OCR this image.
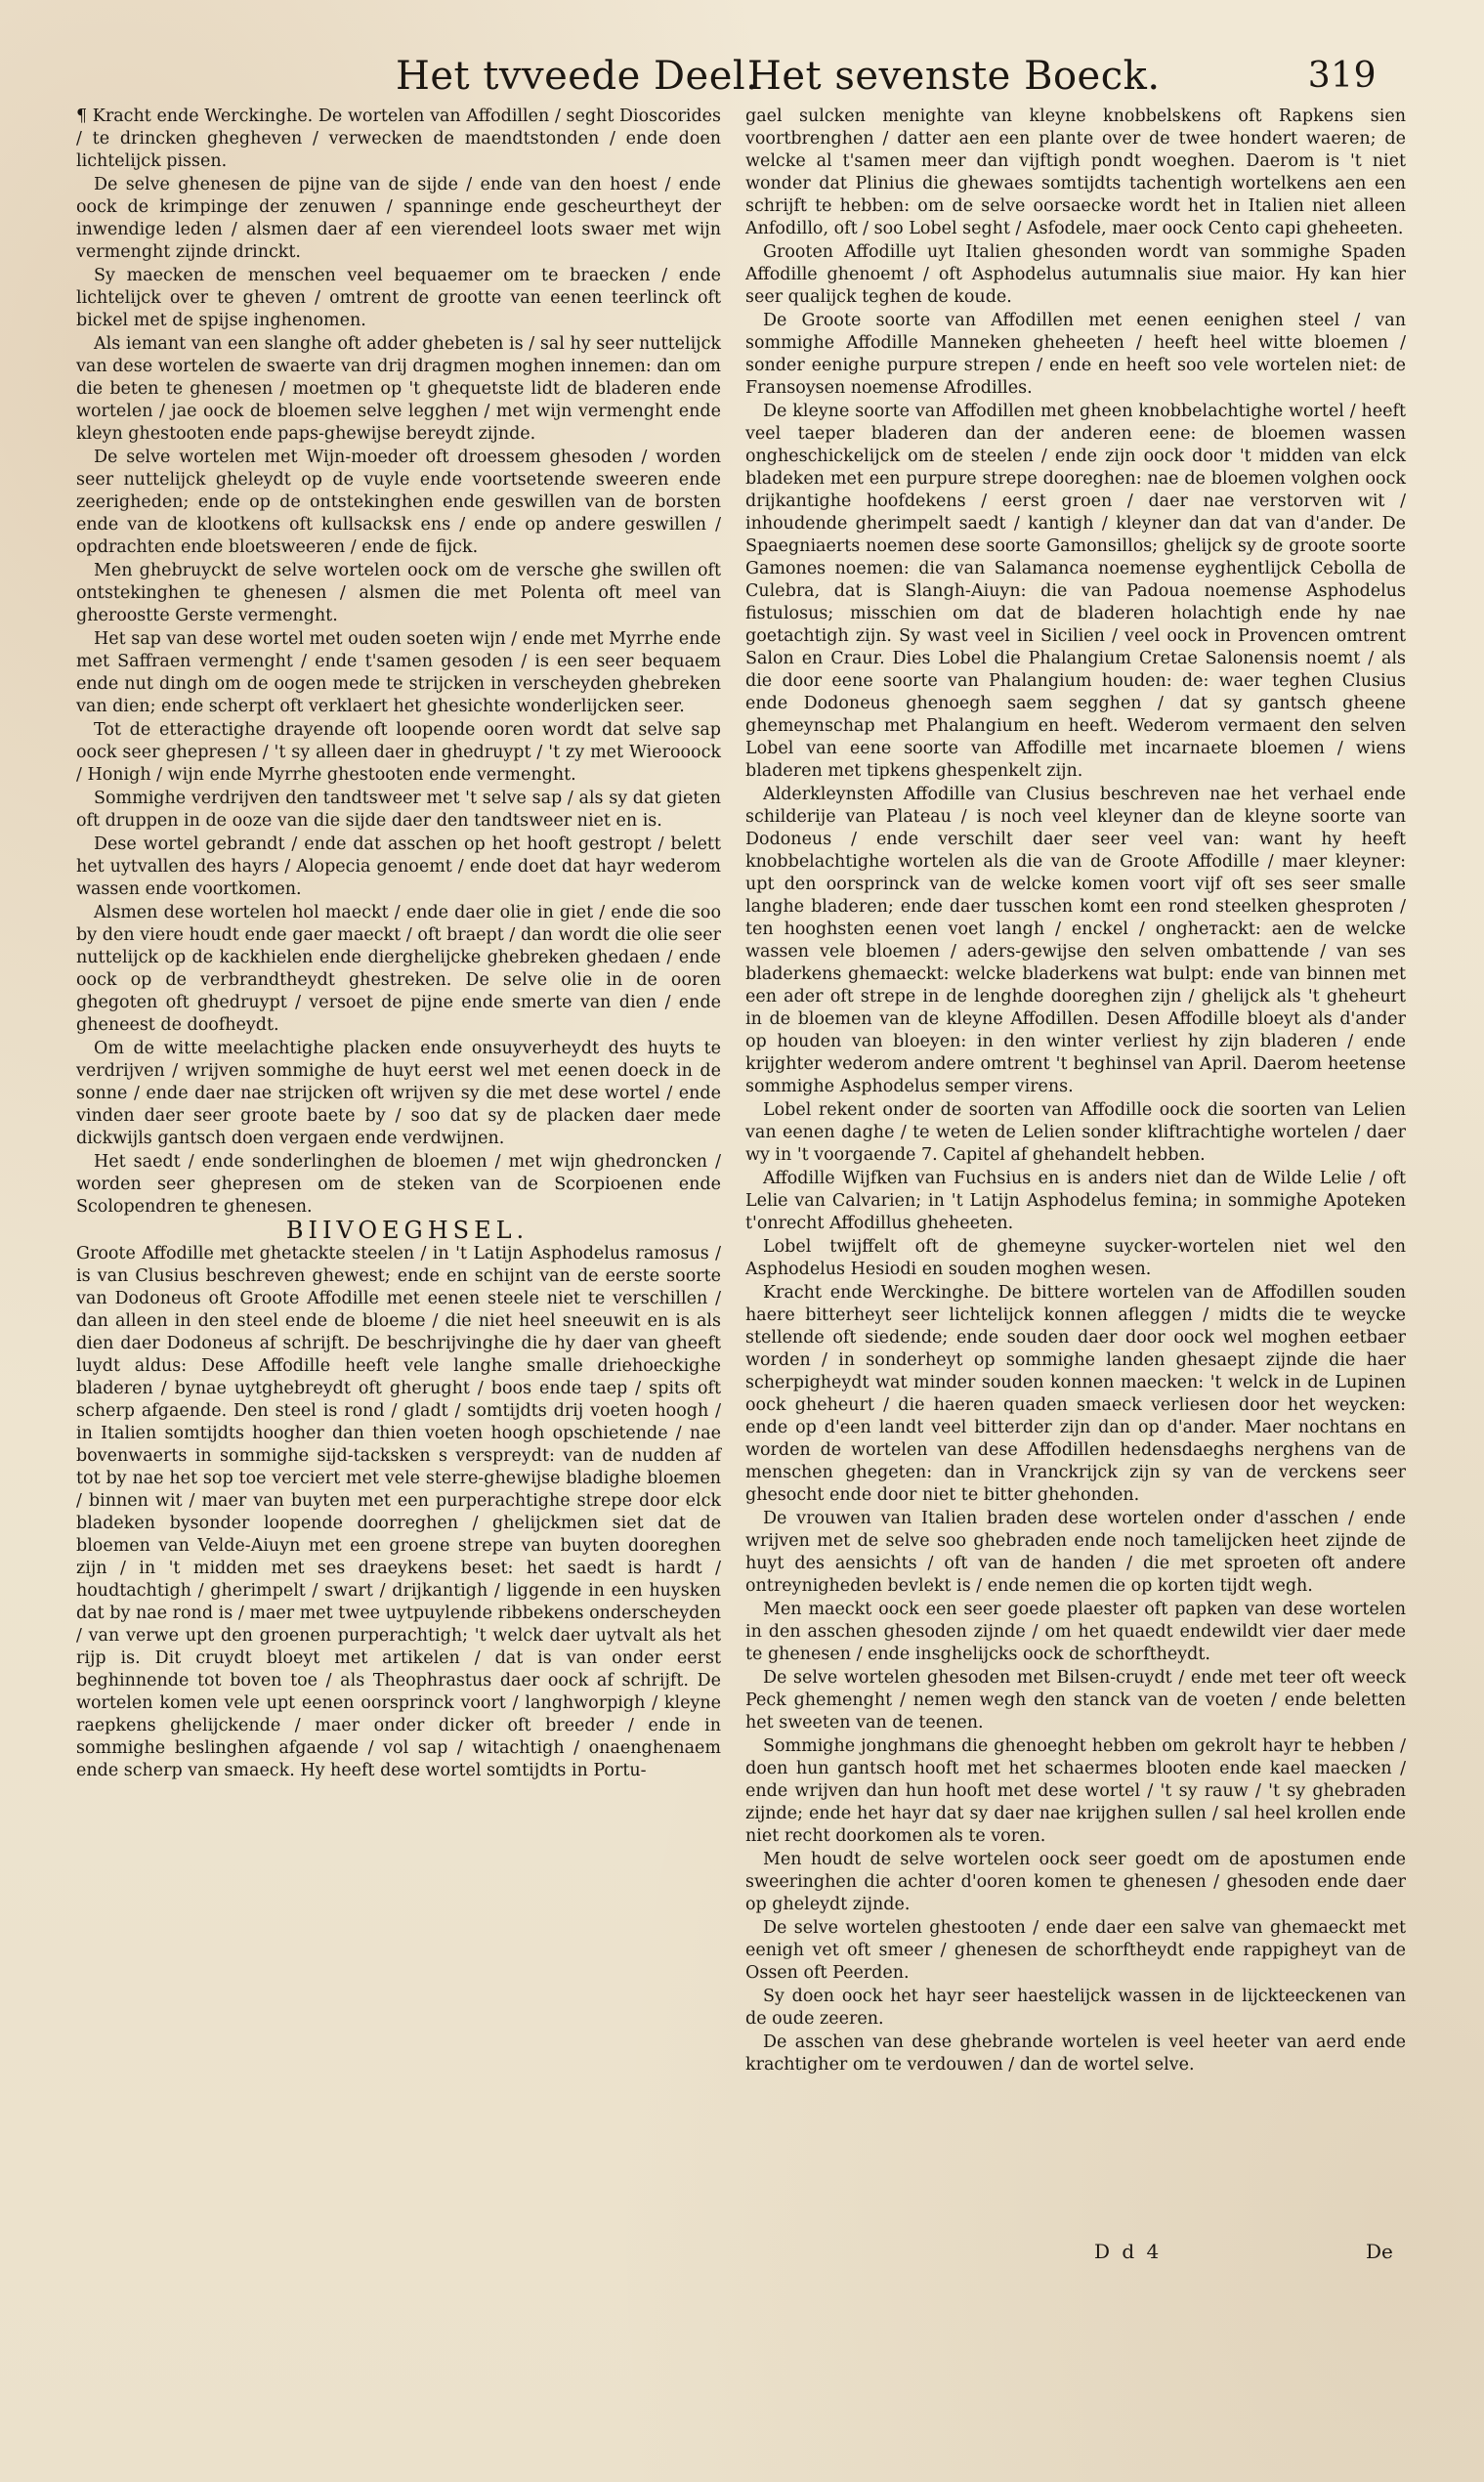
Het tvveede Deel.
Het sevenste Boeck.	319

¶ Kracht ende Werckinghe. De wortelen van Affodillen / seght Dioscorides / te drincken ghegheven / verwecken de maendtstonden / ende doen lichtelijck pissen.

De selve ghenesen de pijne van de sijde / ende van den hoest / ende oock de krimpinge der zenuwen / spanninge ende gescheurtheyt der inwendige leden / alsmen daer af een vierendeel loots swaer met wijn vermenght zijnde drinckt.

Sy maecken de menschen veel bequaemer om te braecken / ende lichtelijck over te gheven / omtrent de grootte van eenen teerlinck oft bickel met de spijse inghenomen.

Als iemant van een slanghe oft adder ghebeten is / sal hy seer nuttelijck van dese wortelen de swaerte van drij dragmen moghen innemen: dan om die beten te ghenesen / moetmen op 't ghequetste lidt de bladeren ende wortelen / jae oock de bloemen selve legghen / met wijn vermenght ende kleyn ghestooten ende paps-ghewijse bereydt zijnde.

De selve wortelen met Wijn-moeder oft droessem ghesoden / worden seer nuttelijck gheleydt op de vuyle ende voortsetende sweeren ende zeerigheden; ende op de ontstekinghen ende geswillen van de borsten ende van de klootkens oft kullsacksk ens / ende op andere geswillen / opdrachten ende bloetsweeren / ende de fijck.

Men ghebruyckt de selve wortelen oock om de versche ghe swillen oft ontstekinghen te ghenesen / alsmen die met Polenta oft meel van gheroostte Gerste vermenght.

Het sap van dese wortel met ouden soeten wijn / ende met Myrrhe ende met Saffraen vermenght / ende t'samen gesoden / is een seer bequaem ende nut dingh om de oogen mede te strijcken in verscheyden ghebreken van dien; ende scherpt oft verklaert het ghesichte wonderlijcken seer.

Tot de etteractighe drayende oft loopende ooren wordt dat selve sap oock seer ghepresen / 't sy alleen daer in ghedruypt / 't zy met Wierooock / Honigh / wijn ende Myrrhe ghestooten ende vermenght.

Sommighe verdrijven den tandtsweer met 't selve sap / als sy dat gieten oft druppen in de ooze van die sijde daer den tandtsweer niet en is.

Dese wortel gebrandt / ende dat asschen op het hooft gestropt / belett het uytvallen des hayrs / Alopecia genoemt / ende doet dat hayr wederom wassen ende voortkomen.

Alsmen dese wortelen hol maeckt / ende daer olie in giet / ende die soo by den viere houdt ende gaer maeckt / oft braept / dan wordt die olie seer nuttelijck op de kackhielen ende dierghelijcke ghebreken ghedaen / ende oock op de verbrandtheydt ghestreken. De selve olie in de ooren ghegoten oft ghedruypt / versoet de pijne ende smerte van dien / ende ghenееst de doofheydt.

Om de witte meelachtighe placken ende onsuyverheydt des huyts te verdrijven / wrijven sommighe de huyt eerst wel met eenen doeck in de sonne / ende daer nae strijcken oft wrijven sy die met dese wortel / ende vinden daer seer groote baete by / soo dat sy de placken daer mede dickwijls gantsch doen vergaen ende verdwijnen.

Het saedt / ende sonderlinghen de bloemen / met wijn ghedroncken / worden seer ghepresen om de steken van de Scorpioenen ende Scolopendren te ghenesen.

BIIVOEGHSEL.

Groote Affodille met ghetackte steelen / in 't Latijn Asphodelus ramosus / is van Clusius beschreven ghewest; ende en schijnt van de eerste soorte van Dodoneus oft Groote Affodille met eenen steele niet te verschillen / dan alleen in den steel ende de bloeme / die niet heel sneeuwit en is als dien daer Dodoneus af schrijft. De beschrijvinghe die hy daer van gheeft luydt aldus: Dese Affodille heeft vele langhe smalle driehoeckighe bladeren / bynae uytghebreydt oft gherught / boos ende taep / spits oft scherp afgaende. Den steel is rond / gladt / somtijdts drij voeten hoogh / in Italien somtijdts hoogher dan thien voeten hoogh opschietende / nae bovenwaerts in sommighe sijd-tacksken s verspreydt: van de nudden af tot by nae het sop toe verciert met vele sterre-ghewijse bladighe bloemen / binnen wit / maer van buyten met een purperachtighe strepe door elck bladeken bysonder loopende doorreghen / ghelijckmen siet dat de bloemen van Velde-Aiuyn met een groene strepe van buyten dooreghen zijn / in 't midden met ses draeykens beset: het saedt is hardt / houdtachtigh / gherimpelt / swart / drijkantigh / liggende in een huysken dat by nae rond is / maer met twee uytpuylende ribbekens onderscheyden / van verwe upt den groenen purperachtigh; 't welck daer uytvalt als het rijp is. Dit cruydt bloeyt met artikelen / dat is van onder eerst beghinnende tot boven toe / als Theophrastus daer oock af schrijft. De wortelen komen vele upt eenen oorsprinck voort / langhworpigh / kleyne raepkens ghelijckende / maer onder dicker oft breeder / ende in sommighe beslinghen afgaende / vol sap / witachtigh / onaenghenaem ende scherp van smaeck. Hy heeft dese wortel somtijdts in Portu-

gael sulcken menighte van kleyne knobbelskens oft Rapkens sien voortbrenghen / datter aen een plante over de twee hondert waeren; de welcke al t'samen meer dan vijftigh pondt woeghen. Daerom is 't niet wonder dat Plinius die ghewaes somtijdts tachentigh wortelkens aen een schrijft te hebben: om de selve oorsaecke wordt het in Italien niet alleen Anfodillo, oft / soo Lobel seght / Asfodele, maer oock Cento capi gheheeten.

Grooten Affodille uyt Italien ghesonden wordt van sommighe Spaden Affodille ghenoemt / oft Asphodelus autumnalis siue maior. Hy kan hier seer qualijck teghen de koude.

De Groote soorte van Affodillen met eenen eenighen steel / van sommighe Affodille Manneken gheheeten / heeft heel witte bloemen / sonder eenighe purpure strepen / ende en heeft soo vele wortelen niet: de Fransoysen noemense Afrodilles.

De kleyne soorte van Affodillen met gheen knobbelachtighe wortel / heeft veel taeper bladeren dan der anderen eene: de bloemen wassen ongheschickelijck om de steelen / ende zijn oock door 't midden van elck bladeken met een purpure strepe dooreghen: nae de bloemen volghen oock drijkantighe hoofdekens / eerst groen / daer nae verstorven wit / inhoudende gherimpelt saedt / kantigh / kleyner dan dat van d'ander. De Spaegniaerts noemen dese soorte Gamonsillos; ghelijck sy de groote soorte Gamones noemen: die van Salamanca noemense eyghentlijck Cebolla de Culebra, dat is Slangh-Aiuyn: die van Padoua noemense Asphodelus fistulosus; misschien om dat de bladeren holachtigh ende hy nae goetachtigh zijn. Sy wast veel in Sicilien / veel oock in Provencen omtrent Salon en Craur. Dies Lobel die Phalangium Cretae Salonensis noemt / als die door eene soorte van Phalangium houden: de: waer teghen Clusius ende Dodoneus ghenoegh saem segghen / dat sy gantsch gheene ghemeynschap met Phalangium en heeft. Wederom vermaent den selven Lobel van eene soorte van Affodille met incarnaete bloemen / wiens bladeren met tipkens ghespenkelt zijn.

Alderkleynsten Affodille van Clusius beschreven nae het verhael ende schilderije van Plateau / is noch veel kleyner dan de kleyne soorte van Dodoneus / ende verschilt daer seer veel van: want hy heeft knobbelachtighe wortelen als die van de Groote Affodille / maer kleyner: upt den oorsprinck van de welcke komen voort vijf oft ses seer smalle langhe bladeren; ende daer tusschen komt een rond steelken ghesproten / ten hooghsten eenen voet langh / enckel / ongheтackt: aen de welcke wassen vele bloemen / aders-gewijse den selven ombattende / van ses bladerkens ghemaeckt: welcke bladerkens wat bulpt: ende van binnen met een ader oft strepe in de lenghde dooreghen zijn / ghelijck als 't gheheurt in de bloemen van de kleyne Affodillen. Desen Affodille bloeyt als d'ander op houden van bloeyen: in den winter verliest hy zijn bladeren / ende krijghter wederom andere omtrent 't beghinsel van April. Daerom heetense sommighe Asphodelus semper virens.

Lobel rekent onder de soorten van Affodille oock die soorten van Lelien van eenen daghe / te weten de Lelien sonder kliftrachtighe wortelen / daer wy in 't voorgaende 7. Capitel af ghehandelt hebben.

Affodille Wijfken van Fuchsius en is anders niet dan de Wilde Lelie / oft Lelie van Calvarien; in 't Latijn Asphodelus femina; in sommighe Apoteken t'onrecht Affodillus gheheeten.

Lobel twijffelt oft de ghemeyne suycker-wortelen niet wel den Asphodelus Hesiodi en souden moghen wesen.

Kracht ende Werckinghe. De bittere wortelen van de Affodillen souden haere bitterheyt seer lichtelijck konnen afleggen / midts die te weycke stellende oft siedende; ende souden daer door oock wel moghen eetbaer worden / in sonderheyt op sommighe landen ghesaept zijnde die haer scherpigheydt wat minder souden konnen maecken: 't welck in de Lupinen oock gheheurt / die haeren quaden smaeck verliesen door het weycken: ende op d'een landt veel bitterder zijn dan op d'ander. Maer nochtans en worden de wortelen van dese Affodillen hedensdaeghs nerghens van de menschen ghegeten: dan in Vranckrijck zijn sy van de verckens seer ghesocht ende door niet te bitter ghehonden.

De vrouwen van Italien braden dese wortelen onder d'asschen / ende wrijven met de selve soo ghebraden ende noch tamelijcken heet zijnde de huyt des aensichts / oft van de handen / die met sproeten oft andere ontreynigheden bevlekt is / ende nemen die op korten tijdt wegh.

Men maeckt oock een seer goede plaester oft papken van dese wortelen in den asschen ghesoden zijnde / om het quaedt endewildt vier daer mede te ghenesen / ende insghelijcks oock de schorftheydt.

De selve wortelen ghesoden met Bilsen-cruydt / ende met teer oft weeck Peck ghemenght / nemen wegh den stanck van de voeten / ende beletten het sweeten van de teenen.

Sommighe jonghmans die ghenoeght hebben om gekrolt hayr te hebben / doen hun gantsch hooft met het schaermes blooten ende kael maecken / ende wrijven dan hun hooft met dese wortel / 't sy rauw / 't sy ghebraden zijnde; ende het hayr dat sy daer nae krijghen sullen / sal heel krollen ende niet recht doorkomen als te voren.

Men houdt de selve wortelen oock seer goedt om de apostumen ende sweeringhen die achter d'ooren komen te ghenesen / ghesoden ende daer op gheleydt zijnde.

De selve wortelen ghestooten / ende daer een salve van ghemaeckt met eenigh vet oft smeer / ghenesen de schorftheydt ende rappigheyt van de Ossen oft Peerden.

Sy doen oock het hayr seer haestelijck wassen in de lijckteeckenen van de oude zeeren.

De asschen van dese ghebrande wortelen is veel heeter van aerd ende krachtigher om te verdouwen / dan de wortel selve.

D d 4	De
